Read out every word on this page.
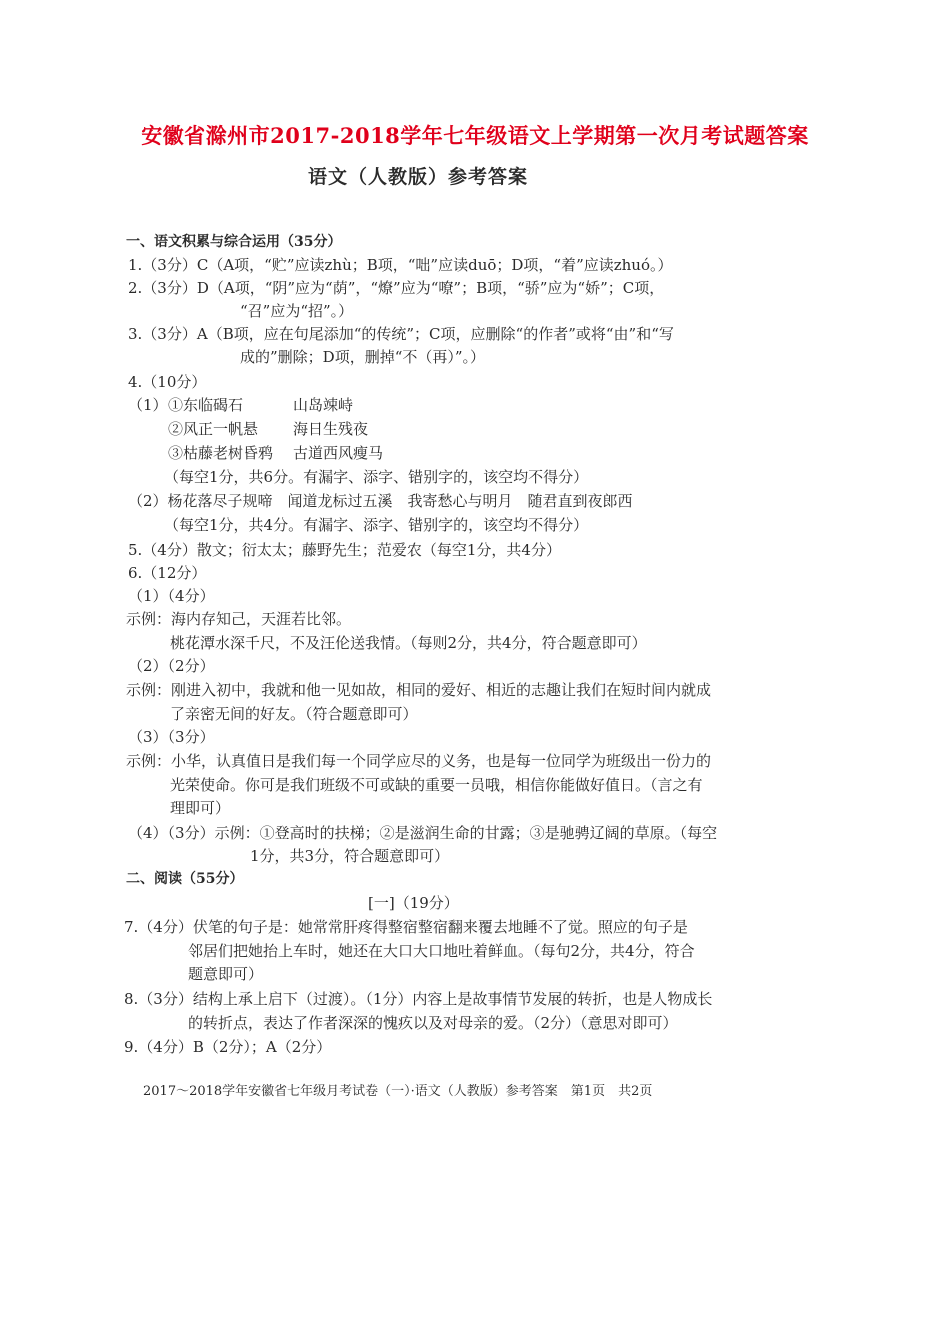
安徽省滁州市2017-2018学年七年级语文上学期第一次月考试题答案
语文（人教版）参考答案
一、语文积累与综合运用（35分）
1.（3分）C（A项，“贮”应读zhù；B项，“咄”应读duō；D项，“着”应读zhuó。）
2.（3分）D（A项，“阴”应为“荫”，“燎”应为“嘹”；B项，“骄”应为“娇”；C项，
“召”应为“招”。）
3.（3分）A（B项，应在句尾添加“的传统”；C项，应删除“的作者”或将“由”和“写
成的”删除；D项，删掉“不（再）”。）
4.（10分）
（1） ①东临碣石	山岛竦峙
②风正一帆悬 海日生残夜
③枯藤老树昏鸦 古道西风瘦马
（每空1分，共6分。有漏字、添字、错别字的，该空均不得分）
（2）杨花落尽子规啼　闻道龙标过五溪　我寄愁心与明月　随君直到夜郎西
（每空1分，共4分。有漏字、添字、错别字的，该空均不得分）
5.（4分）散文；衍太太；藤野先生；范爱农（每空1分，共4分）
6.（12分）
（1）（4分）
示例：海内存知己，天涯若比邻。
桃花潭水深千尺，不及汪伦送我情。（每则2分，共4分，符合题意即可）
（2）（2分）
示例：刚进入初中，我就和他一见如故，相同的爱好、相近的志趣让我们在短时间内就成
了亲密无间的好友。（符合题意即可）
（3）（3分）
示例：小华，认真值日是我们每一个同学应尽的义务，也是每一位同学为班级出一份力的
光荣使命。你可是我们班级不可或缺的重要一员哦，相信你能做好值日。（言之有
理即可）
（4）（3分）示例：①登高时的扶梯；②是滋润生命的甘露；③是驰骋辽阔的草原。（每空
1分，共3分，符合题意即可）
二、阅读（55分）
[一]（19分）
7.（4分）伏笔的句子是：她常常肝疼得整宿整宿翻来覆去地睡不了觉。照应的句子是
邻居们把她抬上车时，她还在大口大口地吐着鲜血。（每句2分，共4分，符合
题意即可）
8.（3分）结构上承上启下（过渡）。（1分）内容上是故事情节发展的转折，也是人物成长
的转折点，表达了作者深深的愧疚以及对母亲的爱。（2分）（意思对即可）
9.（4分）B（2分）；A（2分）
2017～2018学年安徽省七年级月考试卷（一）·语文（人教版）参考答案　第1页　共2页
